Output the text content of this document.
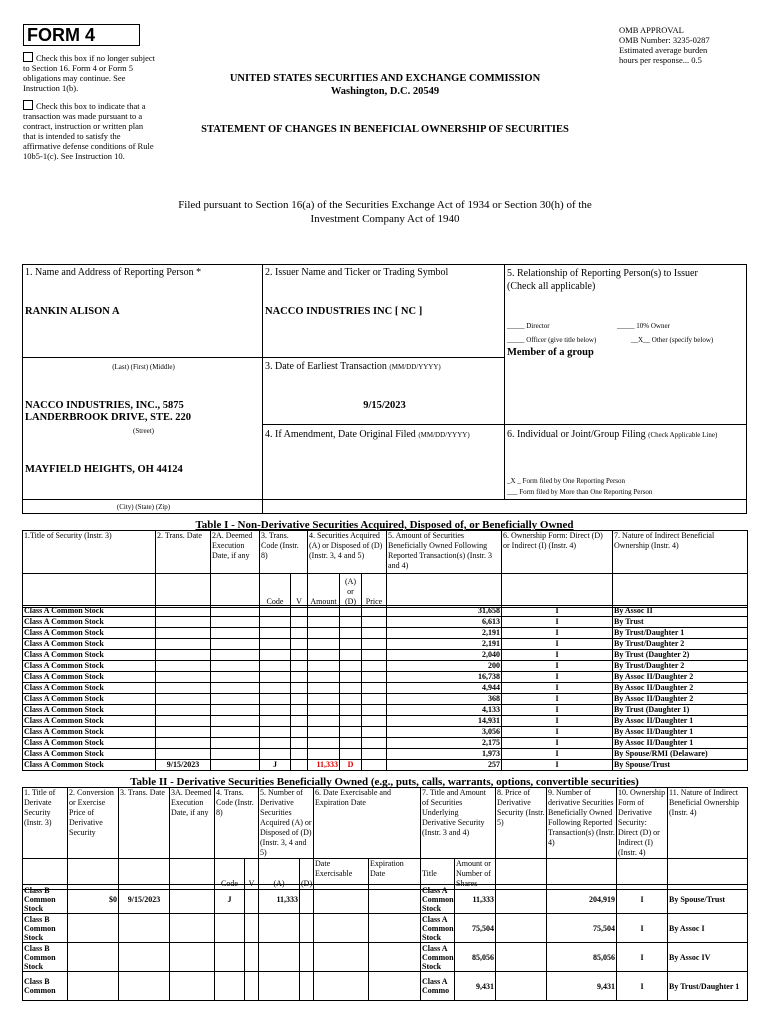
FORM 4
Check this box if no longer subject to Section 16. Form 4 or Form 5 obligations may continue. See Instruction 1(b).
Check this box to indicate that a transaction was made pursuant to a contract, instruction or written plan that is intended to satisfy the affirmative defense conditions of Rule 10b5-1(c). See Instruction 10.
OMB APPROVAL
OMB Number: 3235-0287
Estimated average burden
hours per response... 0.5
UNITED STATES SECURITIES AND EXCHANGE COMMISSION
Washington, D.C. 20549
STATEMENT OF CHANGES IN BENEFICIAL OWNERSHIP OF SECURITIES
Filed pursuant to Section 16(a) of the Securities Exchange Act of 1934 or Section 30(h) of the
Investment Company Act of 1940
1. Name and Address of Reporting Person *
RANKIN ALISON A
(Last) (First) (Middle)
NACCO INDUSTRIES, INC., 5875
LANDERBROOK DRIVE, STE. 220
(Street)
MAYFIELD HEIGHTS, OH 44124
(City) (State) (Zip)
2. Issuer Name and Ticker or Trading Symbol
NACCO INDUSTRIES INC [ NC ]
3. Date of Earliest Transaction (MM/DD/YYYY)
9/15/2023
4. If Amendment, Date Original Filed (MM/DD/YYYY)
5. Relationship of Reporting Person(s) to Issuer
(Check all applicable)
_____ Director	_____ 10% Owner
_____ Officer (give title below)	__X__ Other (specify below)
Member of a group
6. Individual or Joint/Group Filing (Check Applicable Line)
_X _ Form filed by One Reporting Person
___ Form filed by More than One Reporting Person
Table I - Non-Derivative Securities Acquired, Disposed of, or Beneficially Owned
1.Title of Security (Instr. 3)	2. Trans. Date	2A. Deemed Execution Date, if any	3. Trans. Code (Instr. 8)		4. Securities Acquired (A) or Disposed of (D) (Instr. 3, 4 and 5)			5. Amount of Securities Beneficially Owned Following Reported Transaction(s) (Instr. 3 and 4)	6. Ownership Form: Direct (D) or Indirect (I) (Instr. 4)	7. Nature of Indirect Beneficial Ownership (Instr. 4)
			Code	V	Amount	(A) or (D)	Price			
Class A Common Stock								31,658	I	By Assoc II
Class A Common Stock								6,613	I	By Trust
Class A Common Stock								2,191	I	By Trust/Daughter 1
Class A Common Stock								2,191	I	By Trust/Daughter 2
Class A Common Stock								2,040	I	By Trust (Daughter 2)
Class A Common Stock								200	I	By Trust/Daughter 2
Class A Common Stock								16,738	I	By Assoc II/Daughter 2
Class A Common Stock								4,944	I	By Assoc II/Daughter 2
Class A Common Stock								368	I	By Assoc II/Daughter 2
Class A Common Stock								4,133	I	By Trust (Daughter 1)
Class A Common Stock								14,931	I	By Assoc II/Daughter 1
Class A Common Stock								3,056	I	By Assoc II/Daughter 1
Class A Common Stock								2,175	I	By Assoc II/Daughter 1
Class A Common Stock								1,973	I	By Spouse/RMI (Delaware)
Class A Common Stock	9/15/2023		J		11,333	D		257	I	By Spouse/Trust
Table II - Derivative Securities Beneficially Owned (e.g., puts, calls, warrants, options, convertible securities)
1. Title of Derivate Security (Instr. 3)	2. Conversion or Exercise Price of Derivative Security	3. Trans. Date	3A. Deemed Execution Date, if any	4. Trans. Code (Instr. 8)		5. Number of Derivative Securities Acquired (A) or Disposed of (D) (Instr. 3, 4 and 5)		6. Date Exercisable and Expiration Date		7. Title and Amount of Securities Underlying Derivative Security (Instr. 3 and 4)		8. Price of Derivative Security (Instr. 5)	9. Number of derivative Securities Beneficially Owned Following Reported Transaction(s) (Instr. 4)	10. Ownership Form of Derivative Security: Direct (D) or Indirect (I) (Instr. 4)	11. Nature of Indirect Beneficial Ownership (Instr. 4)
				Code	V	(A)	(D)	Date Exercisable	Expiration Date	Title	Amount or Number of Shares				
Class B Common Stock	$0	9/15/2023		J		11,333				Class A Common Stock	11,333		204,919	I	By Spouse/Trust
Class B Common Stock										Class A Common Stock	75,504		75,504	I	By Assoc I
Class B Common Stock										Class A Common Stock	85,056		85,056	I	By Assoc IV
Class B Common										Class A Commo	9,431		9,431	I	By Trust/Daughter 1
